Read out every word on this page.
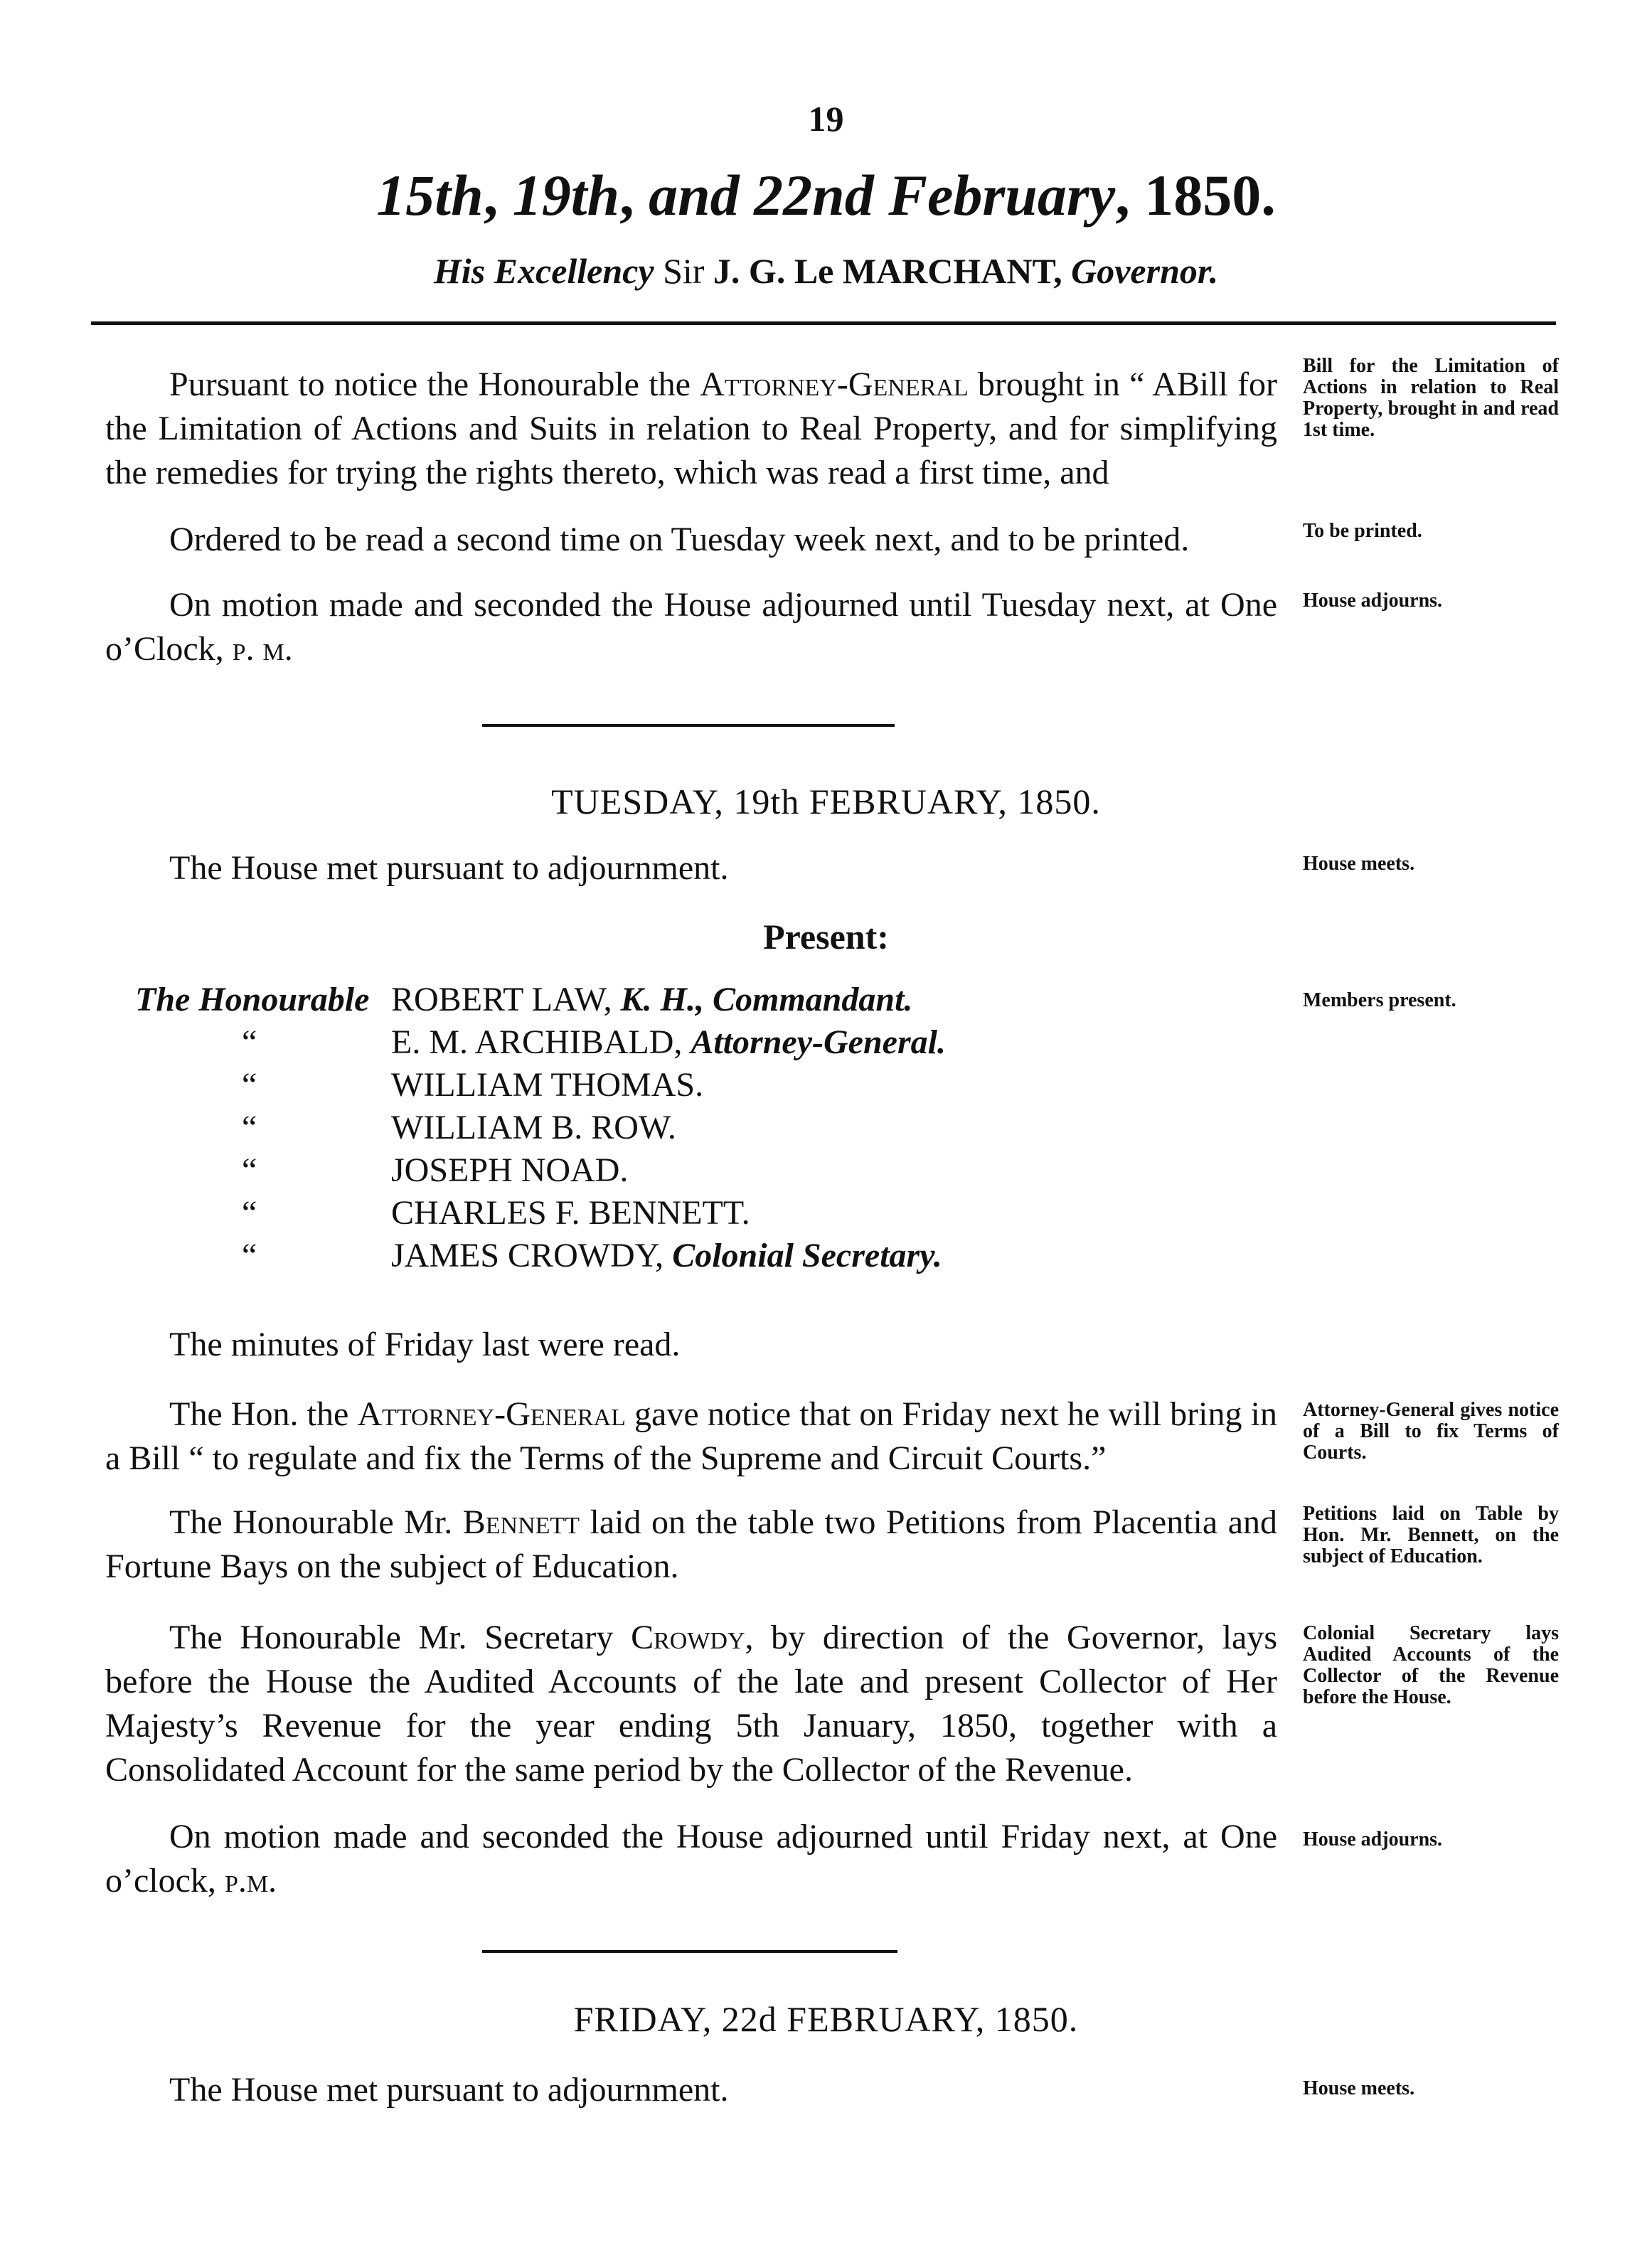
19
15th, 19th, and 22nd February, 1850.
His Excellency Sir J. G. Le MARCHANT, Governor.

Pursuant to notice the Honourable the Attorney-General brought in “ ABill for the Limitation of Actions and Suits in relation to Real Property, and for simplifying the remedies for trying the rights thereto, which was read a first time, and

Bill for the Limitation of Actions in relation to Real Property, brought in and read 1st time.

Ordered to be read a second time on Tuesday week next, and to be printed.	To be printed.

On motion made and seconded the House adjourned until Tuesday next, at One o’Clock, p. m.

House adjourns.
TUESDAY, 19th FEBRUARY, 1850.

The House met pursuant to adjournment.	House meets.
Present:
The Honourable ROBERT LAW, K. H., Commandant.
“	E. M. ARCHIBALD, Attorney-General.
“	WILLIAM THOMAS.
“	WILLIAM B. ROW.
“	JOSEPH NOAD.
“	CHARLES F. BENNETT.
“	JAMES CROWDY, Colonial Secretary.
Members present.

The minutes of Friday last were read.

The Hon. the Attorney-General gave notice that on Friday next he will bring in a Bill “ to regulate and fix the Terms of the Supreme and Circuit Courts.”

Attorney-General gives notice of a Bill to fix Terms of Courts.

The Honourable Mr. Bennett laid on the table two Petitions from Placentia and Fortune Bays on the subject of Education.

Petitions laid on Table by Hon. Mr. Bennett, on the subject of Education.

The Honourable Mr. Secretary Crowdy, by direction of the Governor, lays before the House the Audited Accounts of the late and present Collector of Her Majesty’s Revenue for the year ending 5th January, 1850, together with a Consolidated Account for the same period by the Collector of the Revenue.

Colonial Secretary lays Audited Accounts of the Collector of the Revenue before the House.

On motion made and seconded the House adjourned until Friday next, at One o’clock, p.m.

House adjourns.
FRIDAY, 22d FEBRUARY, 1850.

The House met pursuant to adjournment.	House meets.
